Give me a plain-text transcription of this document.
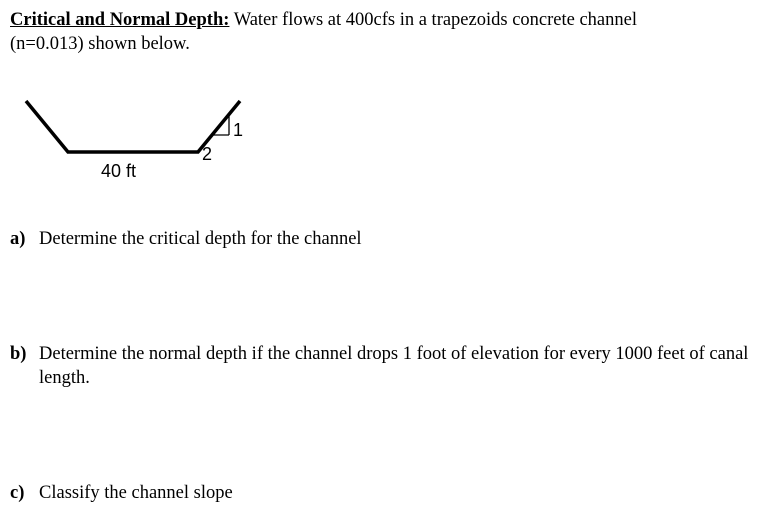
Critical and Normal Depth: Water flows at 400cfs in a trapezoids concrete channel
(n=0.013) shown below.
1
2
40 ft
a) Determine the critical depth for the channel
b) Determine the normal depth if the channel drops 1 foot of elevation for every 1000 feet of canal length.
c) Classify the channel slope
